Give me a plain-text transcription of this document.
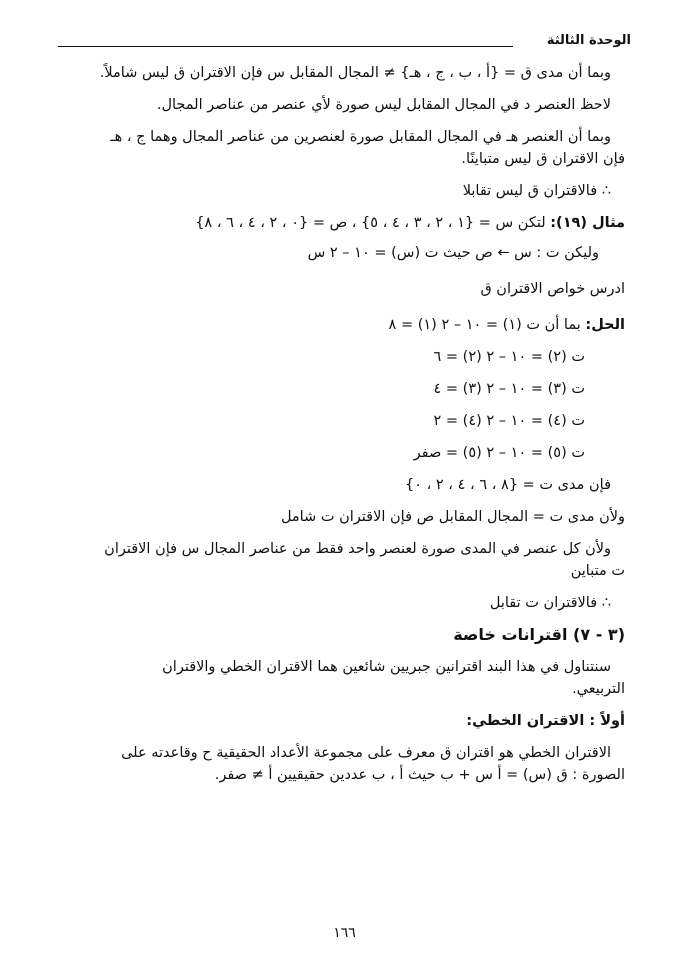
الوحدة الثالثة

وبما أن مدى ق = {أ ، ب ، ج ، هـ} ≠ المجال المقابل س فإن الاقتران ق ليس شاملاً.

لاحظ العنصر د في المجال المقابل ليس صورة لأي عنصر من عناصر المجال.

وبما أن العنصر هـ في المجال المقابل صورة لعنصرين من عناصر المجال وهما ج ، هـ

فإن الاقتران ق ليس متباينًا.

∴ فالاقتران ق ليس تقابلا

مثال (١٩): لتكن س = {١ ، ٢ ، ٣ ، ٤ ، ٥} ، ص = {٠ ، ٢ ، ٤ ، ٦ ، ٨}

وليكن ت : س ← ص حيث ت (س) = ١٠ – ٢ س

ادرس خواص الاقتران ق

الحل: بما أن ت (١) = ١٠ – ٢ (١) = ٨

ت (٢) = ١٠ – ٢ (٢) = ٦

ت (٣) = ١٠ – ٢ (٣) = ٤

ت (٤) = ١٠ – ٢ (٤) = ٢

ت (٥) = ١٠ – ٢ (٥) = صفر

فإن مدى ت = {٨ ، ٦ ، ٤ ، ٢ ، ٠}

ولأن مدى ت = المجال المقابل ص فإن الاقتران ت شامل

ولأن كل عنصر في المدى صورة لعنصر واحد فقط من عناصر المجال س فإن الاقتران

ت متباين

∴ فالاقتران ت تقابل

(٣ - ٧) اقترانات خاصة

سنتناول في هذا البند اقترانين جبريين شائعين هما الاقتران الخطي والاقتران

التربيعي.

أولاً : الاقتران الخطي:

الاقتران الخطي هو اقتران ق معرف على مجموعة الأعداد الحقيقية ح وقاعدته على

الصورة : ق (س) = أ س + ب حيث أ ، ب عددين حقيقيين أ ≠ صفر.

١٦٦
